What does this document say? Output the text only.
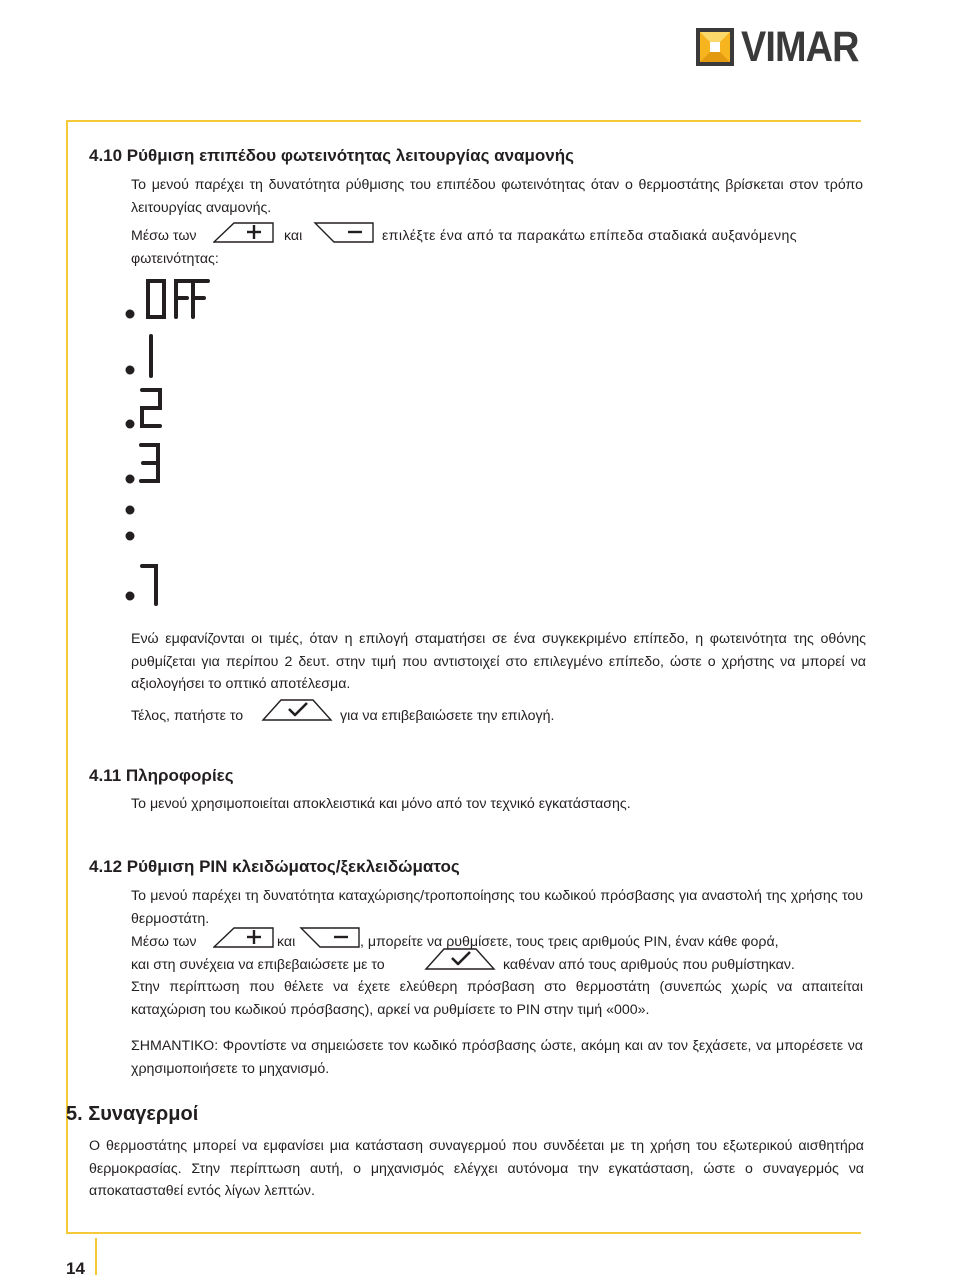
VIMAR
4.10 Ρύθμιση επιπέδου φωτεινότητας λειτουργίας αναμονής

Το μενού παρέχει τη δυνατότητα ρύθμισης του επιπέδου φωτεινότητας όταν ο θερμοστάτης βρίσκεται στον τρόπο λειτουργίας αναμονής.

Μέσω των	και	επιλέξτε ένα από τα παρακάτω επίπεδα σταδιακά αυξανόμενης
φωτεινότητας:

Ενώ εμφανίζονται οι τιμές, όταν η επιλογή σταματήσει σε ένα συγκεκριμένο επίπεδο, η φωτεινότητα της οθόνης ρυθμίζεται για περίπου 2 δευτ. στην τιμή που αντιστοιχεί στο επιλεγμένο επίπεδο, ώστε ο χρήστης να μπορεί να αξιολογήσει το οπτικό αποτέλεσμα.

Τέλος, πατήστε το	για να επιβεβαιώσετε την επιλογή.
4.11 Πληροφορίες

Το μενού χρησιμοποιείται αποκλειστικά και μόνο από τον τεχνικό εγκατάστασης.

4.12 Ρύθμιση PIN κλειδώματος/ξεκλειδώματος

Το μενού παρέχει τη δυνατότητα καταχώρισης/τροποποίησης του κωδικού πρόσβασης για αναστολή της χρήσης του θερμοστάτη.

Μέσω των	και	, μπορείτε να ρυθμίσετε, τους τρεις αριθμούς PIN, έναν κάθε φορά,
και στη συνέχεια να επιβεβαιώσετε με το	καθέναν από τους αριθμούς που ρυθμίστηκαν.

Στην περίπτωση που θέλετε να έχετε ελεύθερη πρόσβαση στο θερμοστάτη (συνεπώς χωρίς να απαιτείται καταχώριση του κωδικού πρόσβασης), αρκεί να ρυθμίσετε το PIN στην τιμή «000».

ΣΗΜΑΝΤΙΚΟ: Φροντίστε να σημειώσετε τον κωδικό πρόσβασης ώστε, ακόμη και αν τον ξεχάσετε, να μπορέσετε να χρησιμοποιήσετε το μηχανισμό.

5. Συναγερμοί

Ο θερμοστάτης μπορεί να εμφανίσει μια κατάσταση συναγερμού που συνδέεται με τη χρήση του εξωτερικού αισθητήρα θερμοκρασίας. Στην περίπτωση αυτή, ο μηχανισμός ελέγχει αυτόνομα την εγκατάσταση, ώστε ο συναγερμός να αποκατασταθεί εντός λίγων λεπτών.

14
